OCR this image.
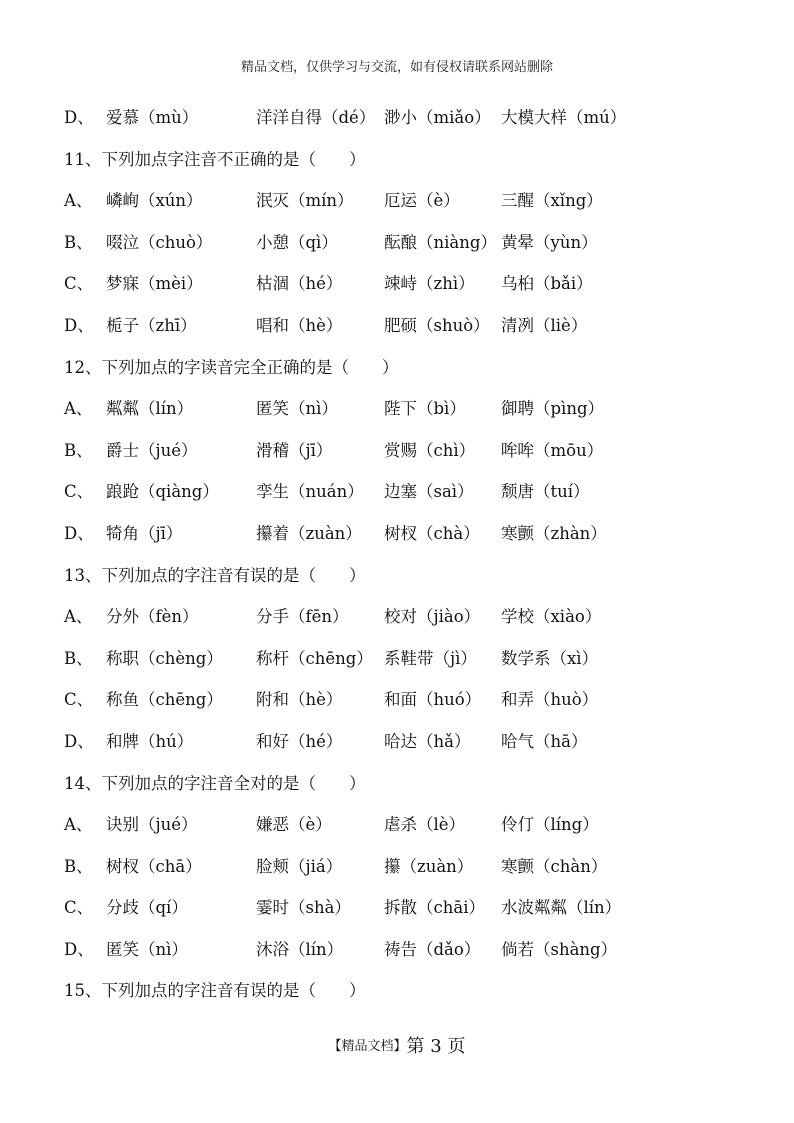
精品文档，仅供学习与交流，如有侵权请联系网站删除
D、 爱慕（mù）	洋洋自得（dé） 渺小（miǎo） 大模大样（mú）
11、下列加点字注音不正确的是（　　）
A、 嶙峋（xún）	泯灭（mín） 厄运（è） 三醒（xǐng）
B、 啜泣（chuò）	小憩（qì）	酝酿（niàng） 黄晕（yùn）
C、 梦寐（mèi）	枯涸（hé）	竦峙（zhì） 乌桕（bǎi）
D、 栀子（zhī）	唱和（hè）	肥硕（shuò） 清冽（liè）
12、下列加点的字读音完全正确的是（　　）
A、 粼粼（lín）	匿笑（nì）	陛下（bì） 御聘（pìng）
B、 爵士（jué）	滑稽（jī）	赏赐（chì） 哞哞（mōu）
C、 踉跄（qiàng） 孪生（nuán） 边塞（saì） 颓唐（tuí）
D、 犄角（jī）	攥着（zuàn） 树杈（chà） 寒颤（zhàn）
13、下列加点的字注音有误的是（　　）
A、 分外（fèn）	分手（fēn） 校对（jiào） 学校（xiào）
B、 称职（chèng） 称杆（chēng） 系鞋带（jì） 数学系（xì）
C、 称鱼（chēng） 附和（hè）	和面（huó） 和弄（huò）
D、 和牌（hú）	和好（hé）	哈达（hǎ） 哈气（hā）
14、下列加点的字注音全对的是（　　）
A、 诀别（jué）	嫌恶（è）	虐杀（lè） 伶仃（líng）
B、 树杈（chā）	脸颊（jiá）	攥（zuàn） 寒颤（chàn）
C、 分歧（qí）	霎时（shà） 拆散（chāi） 水波粼粼（lín）
D、 匿笑（nì）	沐浴（lín） 祷告（dǎo） 倘若（shàng）
15、下列加点的字注音有误的是（　　）
【精品文档】第 3 页
